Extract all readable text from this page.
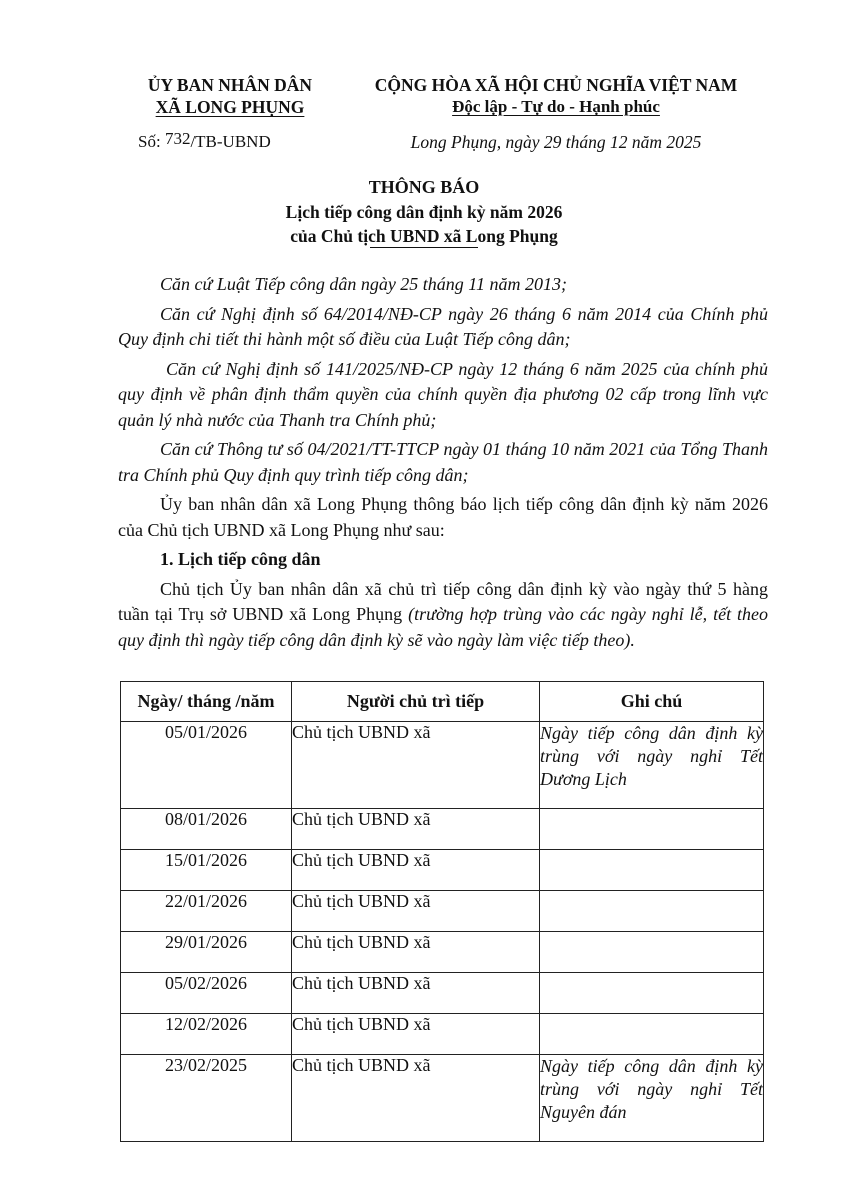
ỦY BAN NHÂN DÂN
XÃ LONG PHỤNG
CỘNG HÒA XÃ HỘI CHỦ NGHĨA VIỆT NAM
Độc lập - Tự do - Hạnh phúc
Số: 732/TB-UBND	Long Phụng, ngày 29 tháng 12 năm 2025
THÔNG BÁO
Lịch tiếp công dân định kỳ năm 2026
của Chủ tịch UBND xã Long Phụng

Căn cứ Luật Tiếp công dân ngày 25 tháng 11 năm 2013;

Căn cứ Nghị định số 64/2014/NĐ-CP ngày 26 tháng 6 năm 2014 của Chính phủ Quy định chi tiết thi hành một số điều của Luật Tiếp công dân;

Căn cứ Nghị định số 141/2025/NĐ-CP ngày 12 tháng 6 năm 2025 của chính phủ quy định về phân định thẩm quyền của chính quyền địa phương 02 cấp trong lĩnh vực quản lý nhà nước của Thanh tra Chính phủ;

Căn cứ Thông tư số 04/2021/TT-TTCP ngày 01 tháng 10 năm 2021 của Tổng Thanh tra Chính phủ Quy định quy trình tiếp công dân;

Ủy ban nhân dân xã Long Phụng thông báo lịch tiếp công dân định kỳ năm 2026 của Chủ tịch UBND xã Long Phụng như sau:

1. Lịch tiếp công dân

Chủ tịch Ủy ban nhân dân xã chủ trì tiếp công dân định kỳ vào ngày thứ 5 hàng tuần tại Trụ sở UBND xã Long Phụng (trường hợp trùng vào các ngày nghỉ lễ, tết theo quy định thì ngày tiếp công dân định kỳ sẽ vào ngày làm việc tiếp theo).

Ngày/ tháng /năm	Người chủ trì tiếp	Ghi chú
05/01/2026	Chủ tịch UBND xã	Ngày tiếp công dân định kỳ trùng với ngày nghỉ Tết Dương Lịch
08/01/2026	Chủ tịch UBND xã	
15/01/2026	Chủ tịch UBND xã	
22/01/2026	Chủ tịch UBND xã	
29/01/2026	Chủ tịch UBND xã	
05/02/2026	Chủ tịch UBND xã	
12/02/2026	Chủ tịch UBND xã	
23/02/2025	Chủ tịch UBND xã	Ngày tiếp công dân định kỳ trùng với ngày nghỉ Tết Nguyên đán
